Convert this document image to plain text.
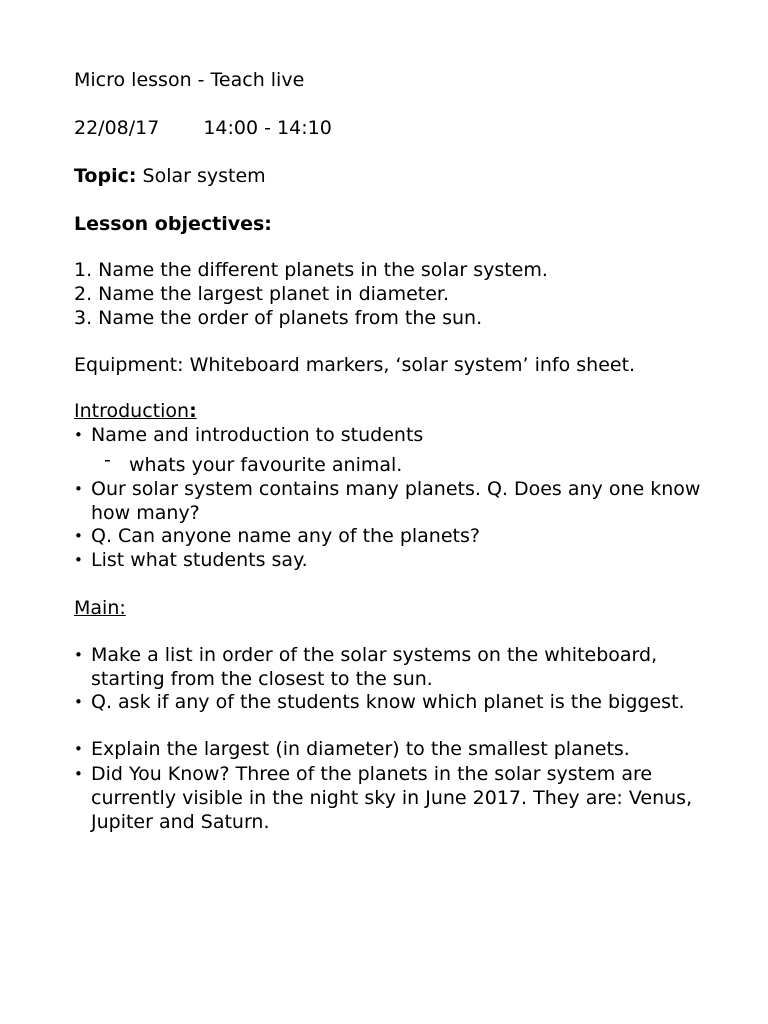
Micro lesson - Teach live
22/08/17 14:00 - 14:10
Topic: Solar system
Lesson objectives:
1. Name the different planets in the solar system.
2. Name the largest planet in diameter.
3. Name the order of planets from the sun.
Equipment: Whiteboard markers, ‘solar system’ info sheet.
Introduction:
• Name and introduction to students
- whats your favourite animal.
• Our solar system contains many planets. Q. Does any one know how many?
• Q. Can anyone name any of the planets?
• List what students say.
Main:
• Make a list in order of the solar systems on the whiteboard, starting from the closest to the sun.
• Q. ask if any of the students know which planet is the biggest.
• Explain the largest (in diameter) to the smallest planets.
• Did You Know? Three of the planets in the solar system are currently visible in the night sky in June 2017. They are: Venus, Jupiter and Saturn.
